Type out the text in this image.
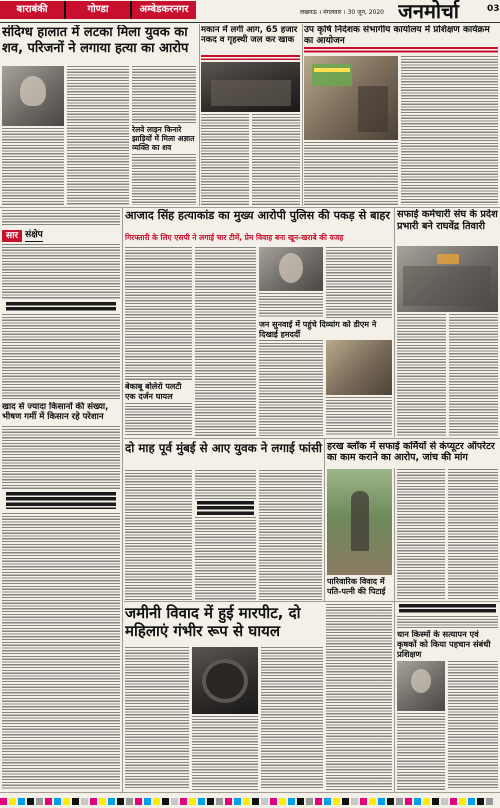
बाराबंकी	गोण्डा	अम्बेडकरनगर	लखनऊ । मंगलवार । 30 जून, 2020 जनमोर्चा	03
संदिग्ध हालात में लटका मिला युवक का शव, परिजनों ने लगाया हत्या का आरोप
मकान में लगी आग, 65 हजार नकद व गृहस्थी जल कर खाक
उप कृषि निदेशक संभागीय कार्यालय में प्रशिक्षण कार्यक्रम का आयोजन
रेलवे लाइन किनारे झाड़ियों में मिला अज्ञात व्यक्ति का शव
सार संक्षेप
खाद से ज्यादा किसानों की संख्या, भीषण गर्मी में किसान रहे परेशान
आजाद सिंह हत्याकांड का मुख्य आरोपी पुलिस की पकड़ से बाहर
गिरफ्तारी के लिए एसपी ने लगाई चार टीमें, प्रेम विवाह बना खून-खराबे की वजह
सफाई कर्मचारी संघ के प्रदेश प्रभारी बने राघवेंद्र तिवारी
बेकाबू बोलेरो पलटी एक दर्जन घायल
जन सुनवाई में पहुंचे दिव्यांग को डीएम ने दिखाई हमदर्दी
दो माह पूर्व मुंबई से आए युवक ने लगाई फांसी हरख ब्लॉक में सफाई कर्मियों से कंप्यूटर ऑपरेटर का काम कराने का आरोप, जांच की मांग
पारिवारिक विवाद में पति-पत्नी की पिटाई
जमीनी विवाद में हुई मारपीट, दो महिलाएं गंभीर रूप से घायल	धान किस्मों के सत्यापन एवं कृषकों को किया पहचान संबंधी प्रशिक्षण
